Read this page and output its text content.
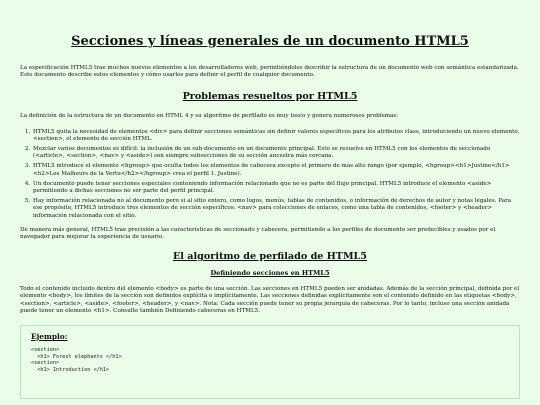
Secciones y líneas generales de un documento HTML5

La especificación HTML5 trae muchos nuevos elementos a los desarrolladores web, permitiéndoles describir la estructura de un documento web con semántica estandarizada. Este documento describe estos elementos y cómo usarlos para definir el perfil de cualquier documento.

Problemas resueltos por HTML5

La definición de la estructura de un documento en HTML 4 y su algoritmo de perfilado es muy tosco y genera numerosos problemas:

1. HTML5 quita la necesidad de elementos <div> para definir secciones semánticas sin definir valores específicos para los atributos class, introduciendo un nuevo elemento, <section>, el elemento de sección HTML.
2. Mezclar varios documentos es difícil: la inclusión de un sub-documento en un documento principal. Esto se resuelve en HTML5 con los elementos de seccionado (<article>, <section>, <nav> y <aside>) son siempre subsecciones de su sección ancestra más cercana.
3. HTML5 introduce el elemento <hgroup> que oculta todos los elementos de cabecera excepto el primero de más alto rango (por ejemplo, <hgroup><h1>Justine</h1><h2>Les Malheurs de la Vertu</h2></hgroup> crea el perfil 1. Justine).
4. Un documento puede tener secciones especiales conteniendo información relacionado que no es parte del flujo principal. HTML5 introduce el elemento <aside> permitiendo a dichas secciones no ser parte del perfil principal.
5. Hay información relacionada no al documento pero si al sitio entero, como logos, menús, tablas de contenidos, o información de derechos de autor y notas legales. Para ese propósito, HTML5 introduce tres elementos de sección específicos: <nav> para colecciones de enlaces, como una tabla de contenidos, <footer> y <header> información relacionada con el sitio.

De manera más general, HTML5 trae precisión a las características de seccionado y cabecera, permitiendo a los perfiles de documento ser predecibles y usados por el navegador para mejorar la experiencia de usuario.

El algoritmo de perfilado de HTML5
Definiendo secciones en HTML5

Todo el contenido incluido dentro del elemento <body> es parte de una sección. Las secciones en HTML5 pueden ser anidadas. Además de la sección principal, definida por el elemento <body>, los límites de la sección son definidos explícita o implícitamente. Las secciones definidas explícitamente son el contenido definido en las etiquetas <body>, <section>, <article>, <aside>, <footer>, <header>, y <nav>. Nota: Cada sección puede tener su propia jerarquía de cabeceras. Por lo tanto, incluso una sección anidada puede tener un elemento <h1>. Consulte también Definiendo cabeceras en HTML5.

Ejemplo:
<section>
<h1> Forest elephants </h1>
<section>
<h1> Introduction </h1>
